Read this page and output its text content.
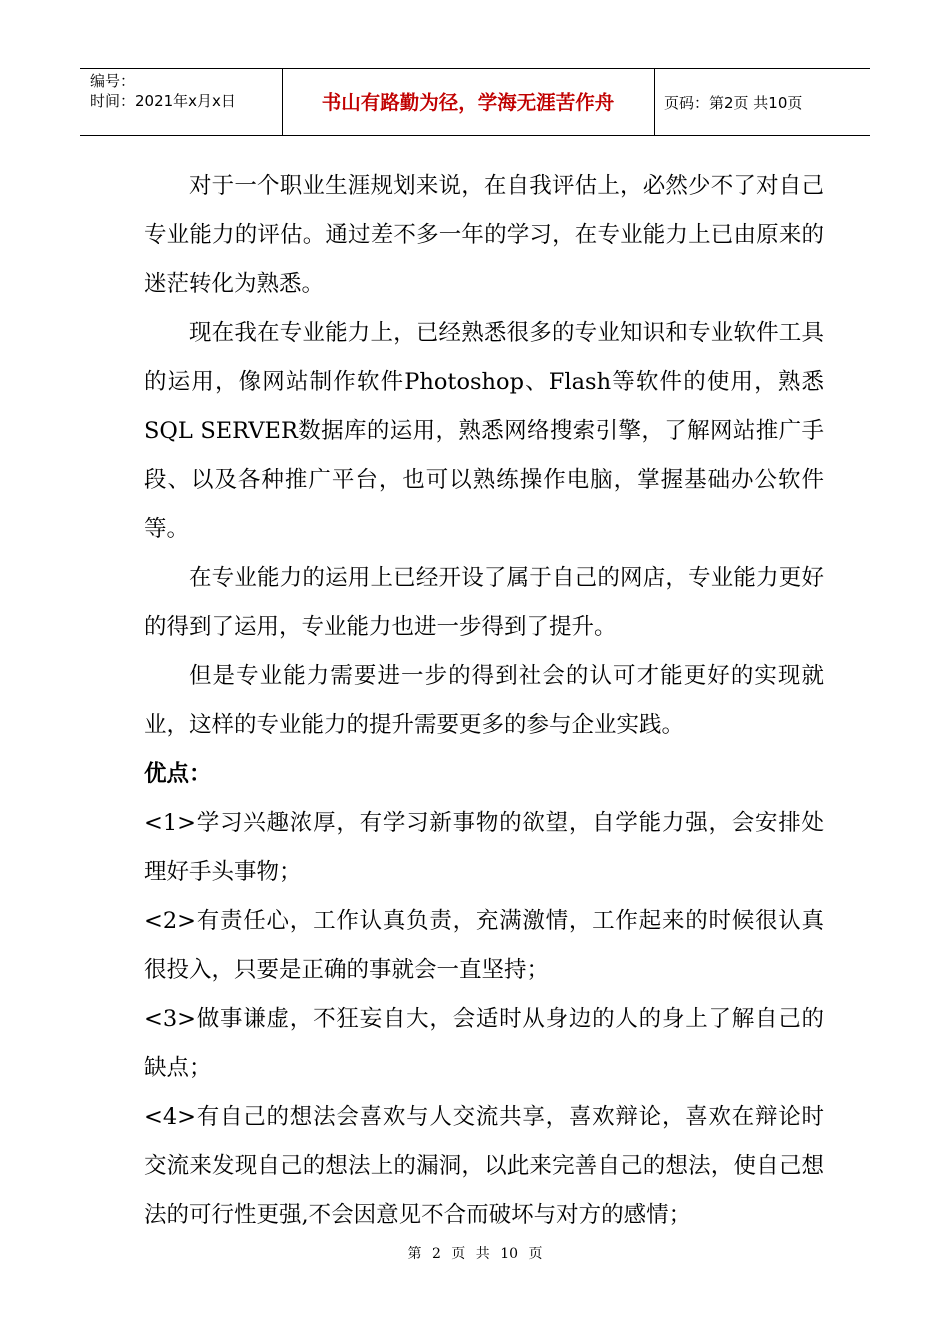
编号：
时间：2021年x月x日	书山有路勤为径，学海无涯苦作舟	页码：第2页 共10页

对于一个职业生涯规划来说，在自我评估上，必然少不了对自己专业能力的评估。通过差不多一年的学习，在专业能力上已由原来的迷茫转化为熟悉。

现在我在专业能力上，已经熟悉很多的专业知识和专业软件工具的运用，像网站制作软件Photoshop、Flash等软件的使用，熟悉SQL SERVER数据库的运用，熟悉网络搜索引擎，了解网站推广手段、以及各种推广平台，也可以熟练操作电脑，掌握基础办公软件等。

在专业能力的运用上已经开设了属于自己的网店，专业能力更好的得到了运用，专业能力也进一步得到了提升。

但是专业能力需要进一步的得到社会的认可才能更好的实现就业，这样的专业能力的提升需要更多的参与企业实践。

优点：

<1>学习兴趣浓厚，有学习新事物的欲望，自学能力强，会安排处理好手头事物；

<2>有责任心，工作认真负责，充满激情，工作起来的时候很认真很投入，只要是正确的事就会一直坚持；

<3>做事谦虚，不狂妄自大，会适时从身边的人的身上了解自己的缺点；

<4>有自己的想法会喜欢与人交流共享，喜欢辩论，喜欢在辩论时交流来发现自己的想法上的漏洞，以此来完善自己的想法，使自己想法的可行性更强,不会因意见不合而破坏与对方的感情；

第 2 页 共 10 页
